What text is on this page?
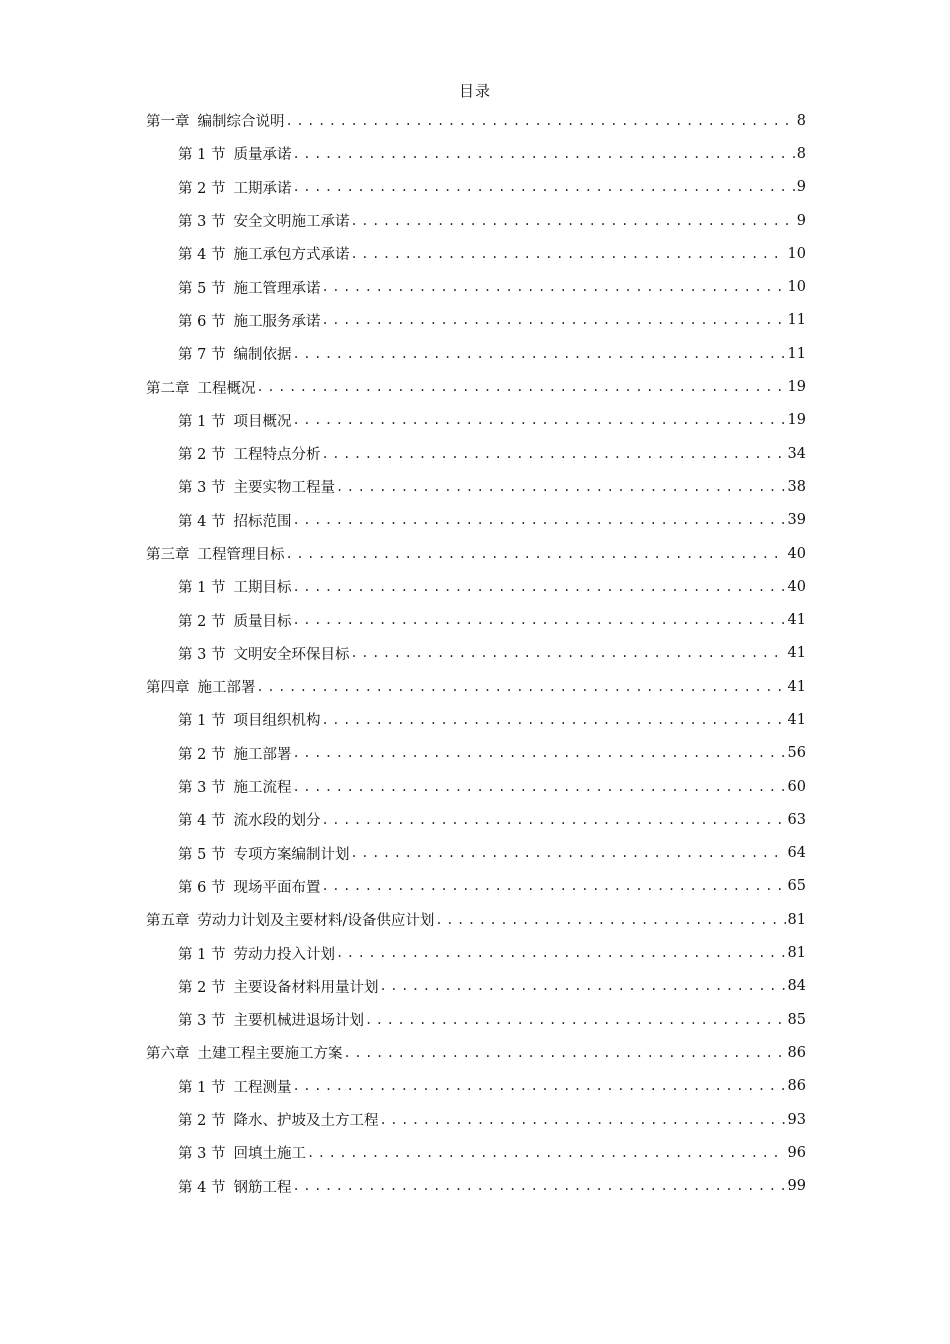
目录
第一章 编制综合说明 .....	8
第 1 节 质量承诺 .....	8
第 2 节 工期承诺 .....	9
第 3 节 安全文明施工承诺 .....	9
第 4 节 施工承包方式承诺 .....	10
第 5 节 施工管理承诺 .....	10
第 6 节 施工服务承诺 .....	11
第 7 节 编制依据 .....	11
第二章 工程概况 .....	19
第 1 节 项目概况 .....	19
第 2 节 工程特点分析 .....	34
第 3 节 主要实物工程量 .....	38
第 4 节 招标范围 .....	39
第三章 工程管理目标 .....	40
第 1 节 工期目标 .....	40
第 2 节 质量目标 .....	41
第 3 节 文明安全环保目标 .....	41
第四章 施工部署 .....	41
第 1 节 项目组织机构 .....	41
第 2 节 施工部署 .....	56
第 3 节 施工流程 .....	60
第 4 节 流水段的划分 .....	63
第 5 节 专项方案编制计划 .....	64
第 6 节 现场平面布置 .....	65
第五章 劳动力计划及主要材料/设备供应计划 .....	81
第 1 节 劳动力投入计划 .....	81
第 2 节 主要设备材料用量计划 .....	84
第 3 节 主要机械进退场计划 .....	85
第六章 土建工程主要施工方案 .....	86
第 1 节 工程测量 .....	86
第 2 节 降水、护坡及土方工程 .....	93
第 3 节 回填土施工 .....	96
第 4 节 钢筋工程 .....	99
